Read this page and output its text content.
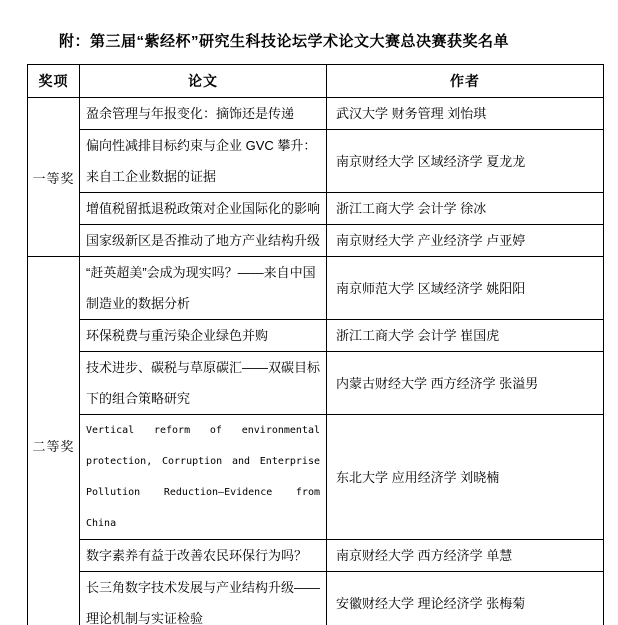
附：第三届“紫经杯”研究生科技论坛学术论文大赛总决赛获奖名单
奖项	论文	作者
一等奖	盈余管理与年报变化：摘饰还是传递	武汉大学 财务管理 刘怡琪
	偏向性减排目标约束与企业 GVC 攀升：来自工企业数据的证据	南京财经大学 区域经济学 夏龙龙
	增值税留抵退税政策对企业国际化的影响	浙江工商大学 会计学 徐冰
	国家级新区是否推动了地方产业结构升级	南京财经大学 产业经济学 卢亚婷
二等奖	“赶英超美”会成为现实吗？——来自中国制造业的数据分析	南京师范大学 区域经济学 姚阳阳
	环保税费与重污染企业绿色并购	浙江工商大学 会计学 崔国虎
	技术进步、碳税与草原碳汇——双碳目标下的组合策略研究	内蒙古财经大学 西方经济学 张溢男
	Vertical reform of environmental protection, Corruption and Enterprise Pollution Reduction—Evidence from China	东北大学 应用经济学 刘晓楠
	数字素养有益于改善农民环保行为吗？	南京财经大学 西方经济学 单慧
	长三角数字技术发展与产业结构升级——理论机制与实证检验	安徽财经大学 理论经济学 张梅菊
